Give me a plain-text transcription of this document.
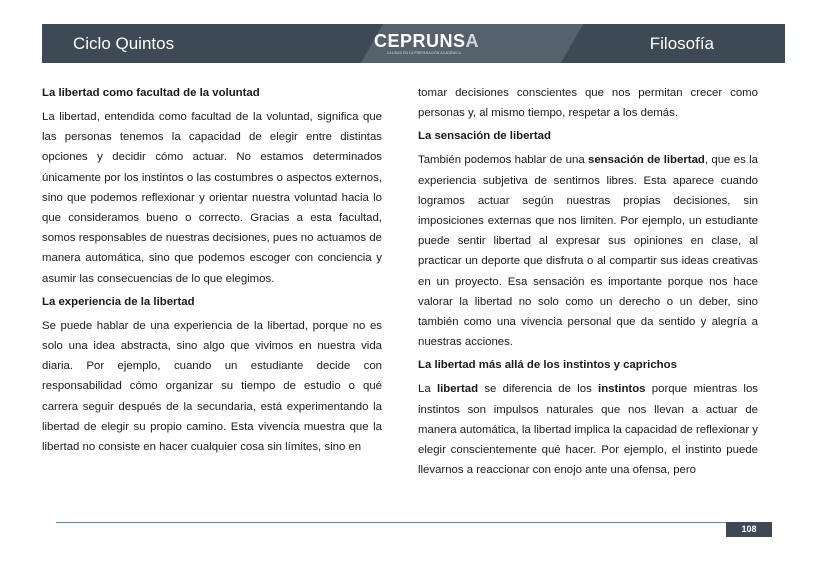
Ciclo Quintos	CEPRUNSA
CALIDAD EN LA PREPARACIÓN ACADÉMICA	Filosofía
La libertad como facultad de la voluntad

La libertad, entendida como facultad de la voluntad, significa que las personas tenemos la capacidad de elegir entre distintas opciones y decidir cómo actuar. No estamos determinados únicamente por los instintos o las costumbres o aspectos externos, sino que podemos reflexionar y orientar nuestra voluntad hacia lo que consideramos bueno o correcto. Gracias a esta facultad, somos responsables de nuestras decisiones, pues no actuamos de manera automática, sino que podemos escoger con conciencia y asumir las consecuencias de lo que elegimos.

La experiencia de la libertad

Se puede hablar de una experiencia de la libertad, porque no es solo una idea abstracta, sino algo que vivimos en nuestra vida diaria. Por ejemplo, cuando un estudiante decide con responsabilidad cómo organizar su tiempo de estudio o qué carrera seguir después de la secundaria, está experimentando la libertad de elegir su propio camino. Esta vivencia muestra que la libertad no consiste en hacer cualquier cosa sin límites, sino en

tomar decisiones conscientes que nos permitan crecer como personas y, al mismo tiempo, respetar a los demás.

La sensación de libertad

También podemos hablar de una sensación de libertad, que es la experiencia subjetiva de sentirnos libres. Esta aparece cuando logramos actuar según nuestras propias decisiones, sin imposiciones externas que nos limiten. Por ejemplo, un estudiante puede sentir libertad al expresar sus opiniones en clase, al practicar un deporte que disfruta o al compartir sus ideas creativas en un proyecto. Esa sensación es importante porque nos hace valorar la libertad no solo como un derecho o un deber, sino también como una vivencia personal que da sentido y alegría a nuestras acciones.

La libertad más allá de los instintos y caprichos

La libertad se diferencia de los instintos porque mientras los instintos son impulsos naturales que nos llevan a actuar de manera automática, la libertad implica la capacidad de reflexionar y elegir conscientemente qué hacer. Por ejemplo, el instinto puede llevarnos a reaccionar con enojo ante una ofensa, pero

108
